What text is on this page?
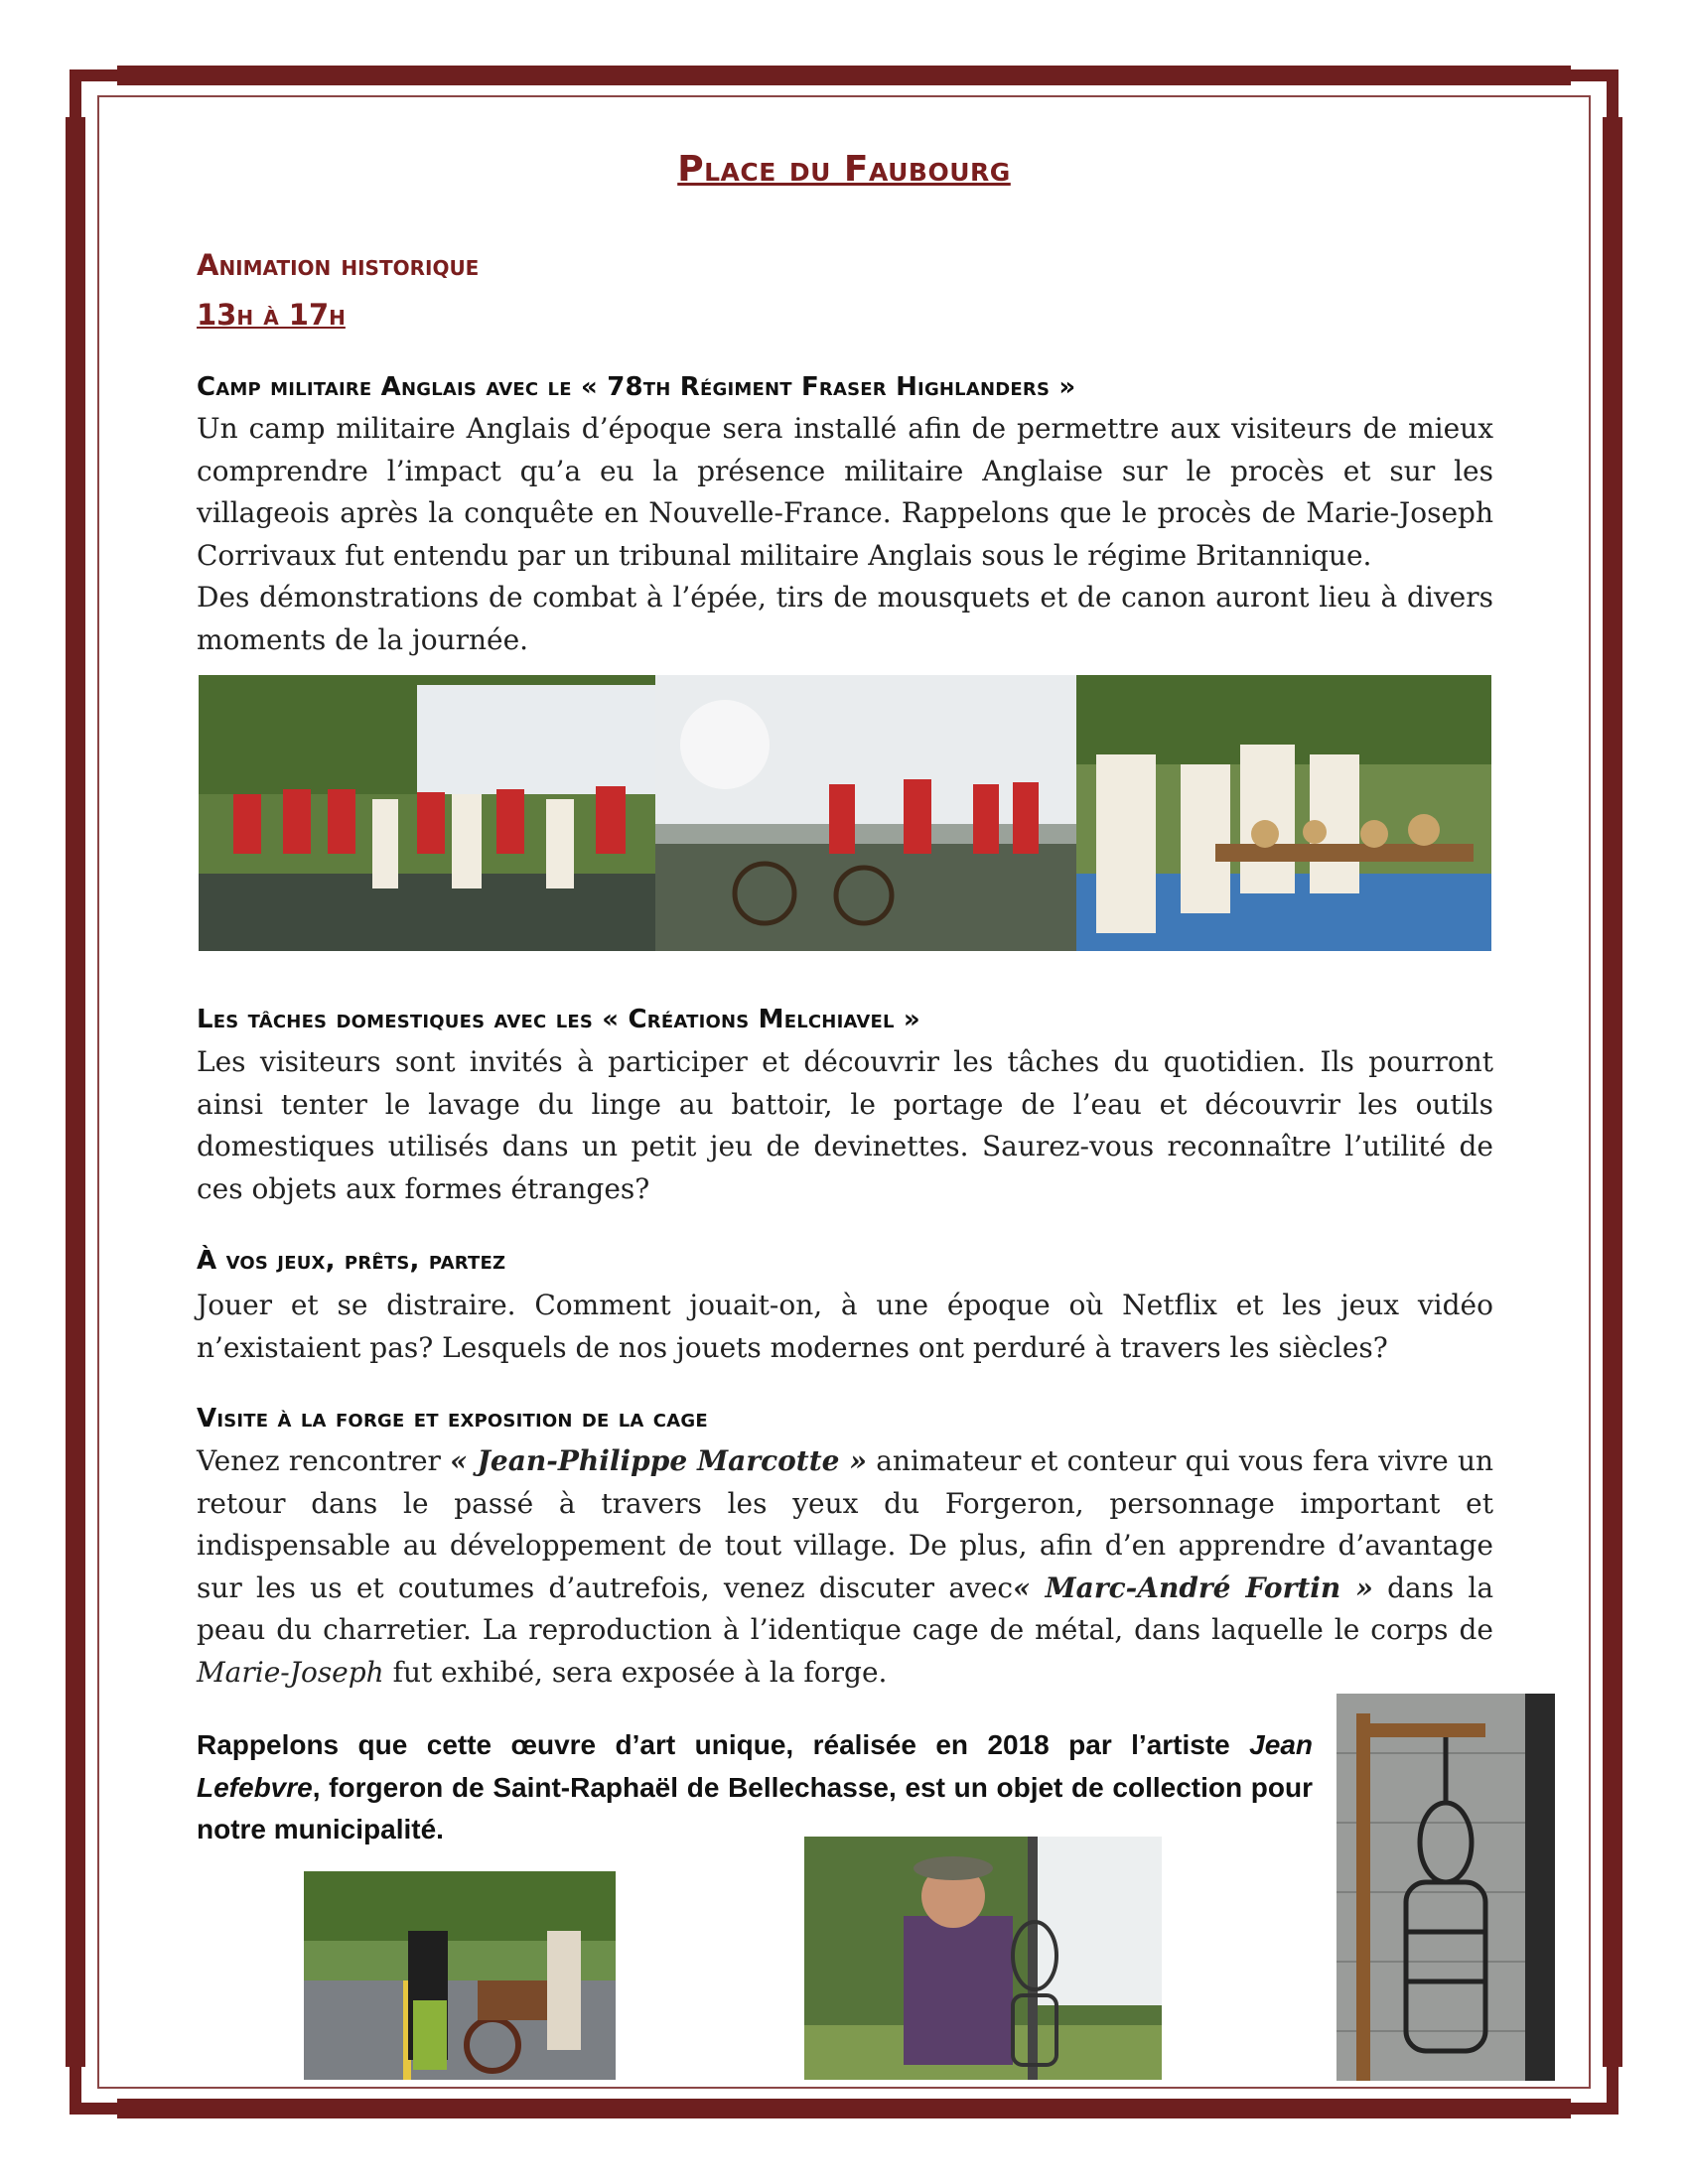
Place du Faubourg
Animation historique
13h à 17h
Camp militaire Anglais avec le « 78th Régiment Fraser Highlanders »

Un camp militaire Anglais d’époque sera installé afin de permettre aux visiteurs de mieux comprendre l’impact qu’a eu la présence militaire Anglaise sur le procès et sur les villageois après la conquête en Nouvelle-France. Rappelons que le procès de Marie-Joseph Corrivaux fut entendu par un tribunal militaire Anglais sous le régime Britannique.

Des démonstrations de combat à l’épée, tirs de mousquets et de canon auront lieu à divers moments de la journée.

Les tâches domestiques avec les « Créations Melchiavel »

Les visiteurs sont invités à participer et découvrir les tâches du quotidien. Ils pourront ainsi tenter le lavage du linge au battoir, le portage de l’eau et découvrir les outils domestiques utilisés dans un petit jeu de devinettes. Saurez-vous reconnaître l’utilité de ces objets aux formes étranges?

À vos jeux, prêts, partez

Jouer et se distraire. Comment jouait-on, à une époque où Netflix et les jeux vidéo n’existaient pas? Lesquels de nos jouets modernes ont perduré à travers les siècles?

Visite à la forge et exposition de la cage

Venez rencontrer « Jean-Philippe Marcotte » animateur et conteur qui vous fera vivre un retour dans le passé à travers les yeux du Forgeron, personnage important et indispensable au développement de tout village. De plus, afin d’en apprendre d’avantage sur les us et coutumes d’autrefois, venez discuter avec« Marc-André Fortin » dans la peau du charretier. La reproduction à l’identique cage de métal, dans laquelle le corps de Marie-Joseph fut exhibé, sera exposée à la forge.

Rappelons que cette œuvre d’art unique, réalisée en 2018 par l’artiste Jean Lefebvre, forgeron de Saint-Raphaël de Bellechasse, est un objet de collection pour notre municipalité.
